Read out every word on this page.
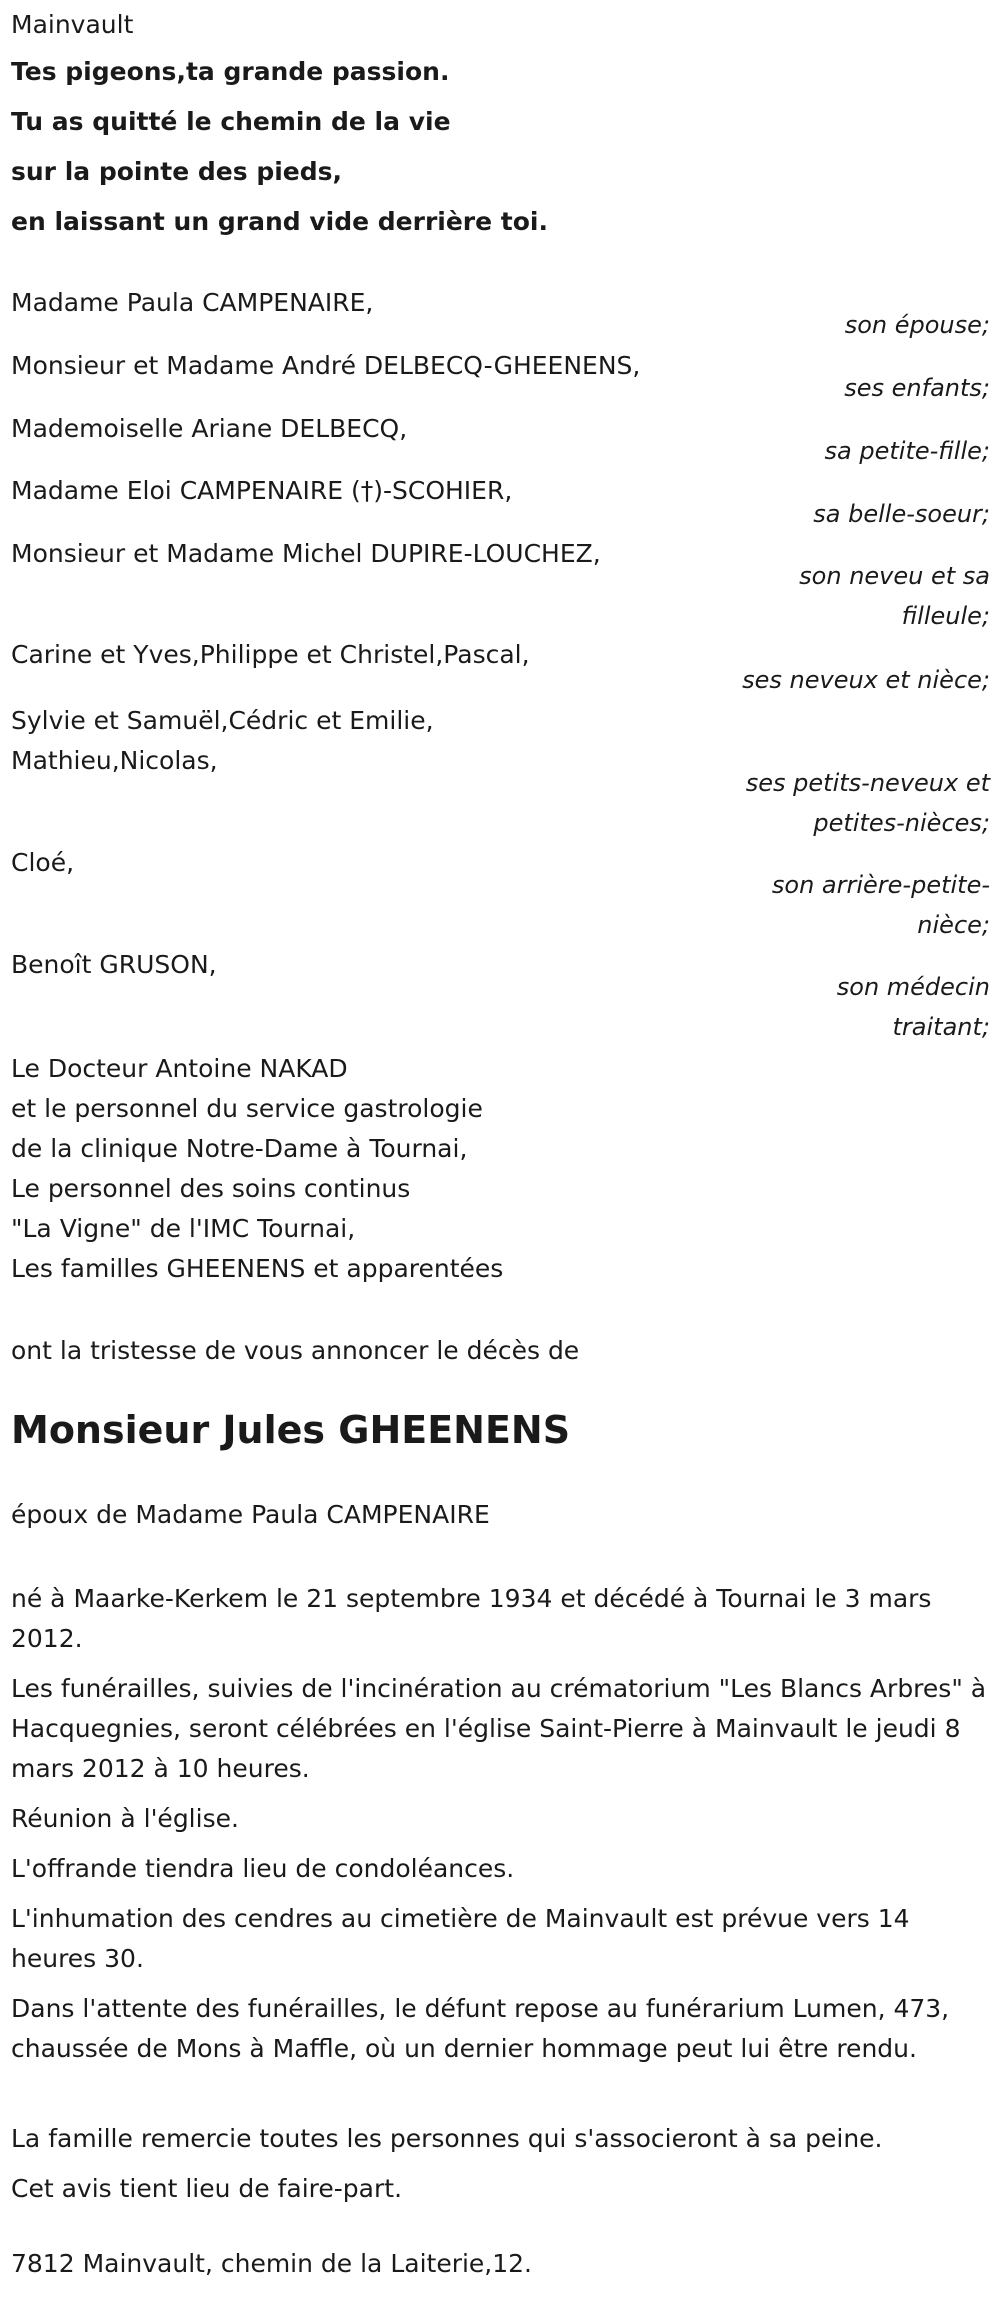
Mainvault
Tes pigeons,ta grande passion.
Tu as quitté le chemin de la vie
sur la pointe des pieds,
en laissant un grand vide derrière toi.
Madame Paula CAMPENAIRE,
son épouse;
Monsieur et Madame André DELBECQ-GHEENENS,
ses enfants;
Mademoiselle Ariane DELBECQ,
sa petite-fille;
Madame Eloi CAMPENAIRE (†)-SCOHIER,
sa belle-soeur;
Monsieur et Madame Michel DUPIRE-LOUCHEZ,
son neveu et sa filleule;
Carine et Yves,Philippe et Christel,Pascal,
ses neveux et nièce;
Sylvie et Samuël,Cédric et Emilie,
Mathieu,Nicolas,
ses petits-neveux et petites-nièces;
Cloé,
son arrière-petite-nièce;
Benoît GRUSON,
son médecin traitant;
Le Docteur Antoine NAKAD
et le personnel du service gastrologie
de la clinique Notre-Dame à Tournai,
Le personnel des soins continus
"La Vigne" de l'IMC Tournai,
Les familles GHEENENS et apparentées
ont la tristesse de vous annoncer le décès de
Monsieur Jules GHEENENS
époux de Madame Paula CAMPENAIRE
né à Maarke-Kerkem le 21 septembre 1934 et décédé à Tournai le 3 mars 2012.
Les funérailles, suivies de l'incinération au crématorium "Les Blancs Arbres" à Hacquegnies, seront célébrées en l'église Saint-Pierre à Mainvault le jeudi 8 mars 2012 à 10 heures.
Réunion à l'église.
L'offrande tiendra lieu de condoléances.
L'inhumation des cendres au cimetière de Mainvault est prévue vers 14 heures 30.
Dans l'attente des funérailles, le défunt repose au funérarium Lumen, 473, chaussée de Mons à Maffle, où un dernier hommage peut lui être rendu.
La famille remercie toutes les personnes qui s'associeront à sa peine.
Cet avis tient lieu de faire-part.
7812 Mainvault, chemin de la Laiterie,12.
